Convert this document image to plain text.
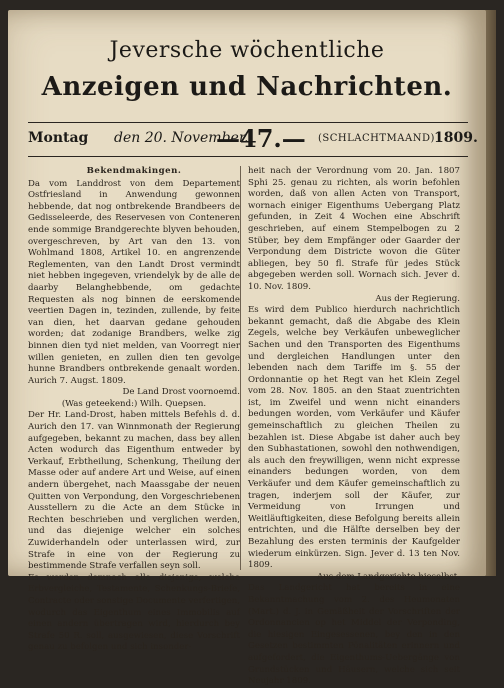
Jeversche wöchentliche
Anzeigen und Nachrichten.
Montag den 20. November.
—47.— (SCHLACHTMAAND) 1809.

Bekendmakingen.

Da vom Landdrost von dem Departement Ostfriesland in Anwendung gewonnen hebbende, dat nog ontbrekende Brandbeers de Gedisseleerde, des Reservesen von Conteneren ende sommige Brandgerechte blyven behouden, overgeschreven, by Art van den 13. von Wohlmand 1808, Artikel 10. en angrenzende Reglementen, van den Landt Drost vermindt niet hebben ingegeven, vriendelyk by de alle de daarby Belanghebbende, om gedachte Requesten als nog binnen de eerskomende veertien Dagen in, tezinden, zullende, by feite van dien, het daarvan gedane gehouden worden; dat zodanige Brandbers, welke zig binnen dien tyd niet melden, van Voorregt nier willen genieten, en zullen dien ten gevolge hunne Brandbers ontbrekende genaalt worden. Aurich 7. Augst. 1809.

De Land Drost voornoemd.

(Was geteekend:) Wilh. Quepsen.

Der Hr. Land-Drost, haben mittels Befehls d. d. Aurich den 17. van Winnmonath der Regierung aufgegeben, bekannt zu machen, dass bey allen Acten wodurch das Eigenthum entweder by Verkauf, Erbtheilung, Schenkung, Theilung der Masse oder auf andere Art und Weise, auf einen andern übergehet, nach Maassgabe der neuen Quitten von Verpondung, den Vorgeschriebenen Ausstellern zu die Acte an dem Stücke in Rechten beschrieben und verglichen werden, und das diejenige welcher ein solches Zuwiderhandeln oder unterlassen wird, zur Strafe in eine von der Regierung zu bestimmende Strafe verfallen seyn soll.

Es werden demnach alle diejenige, welche Erbvergleiche, Testamente, Schenkungs-Briefe, Contracte oder sonstige Documente verfertigen, wodurch das Eigenthum eines Immobilis auf einen andern übertragen wird, hierdurch bey Strafe 50 R. soll, ausgewiesen, diese Vorschrift genau zu befolgen und sich insonder-

heit nach der Verordnung vom 20. Jan. 1807 Sphi 25. genau zu richten, als worin befohlen worden, daß von allen Acten von Transport, wornach einiger Eigenthums Uebergang Platz gefunden, in Zeit 4 Wochen eine Abschrift geschrieben, auf einem Stempelbogen zu 2 Stüber, bey dem Empfänger oder Gaarder der Verpondung dem Districte wovon die Güter abliegen, bey 50 fl. Strafe für jedes Stück abgegeben werden soll. Wornach sich. Jever d. 10. Nov. 1809.

Aus der Regierung.

Es wird dem Publico hierdurch nachrichtlich bekannt gemacht, daß die Abgabe des Klein Zegels, welche bey Verkäufen unbeweglicher Sachen und den Transporten des Eigenthums und dergleichen Handlungen unter den lebenden nach dem Tariffe im §. 55 der Ordonnantie op het Regt van het Klein Zegel vom 28. Nov. 1805. an den Staat zuentrichten ist, im Zweifel und wenn nicht einanders bedungen worden, vom Verkäufer und Käufer gemeinschaftlich zu gleichen Theilen zu bezahlen ist. Diese Abgabe ist daher auch bey den Subhastationen, sowohl den nothwendigen, als auch den freywilligen, wenn nicht expresse einanders bedungen worden, von dem Verkäufer und dem Käufer gemeinschaftlich zu tragen, inderjem soll der Käufer, zur Vermeidung von Irrungen und Weitläuftigkeiten, diese Befolgung bereits allein entrichten, und die Hälfte derselben bey der Bezahlung des ersten terminis der Kaufgelder wiederum einkürzen. Sign. Jever d. 13 ten Nov. 1809.

Aus dem Landgerichte hieselbst.

Das Landgericht hat bereits in eine Bekanntmachung vom 2. des Heumonaten (Mart.) d. J. in Gemäßheit der Vorschriften der Ordonnancien op het Middel der Verponding, die hiesigen Eingesessenen, bey den in den Gesetzen bestimmten Pönalitäten erinnern und aufgefordert, die Eigenthums-Uebergänge von Grundstücken und Häusern, welche sich seit Neujahr 1809.
